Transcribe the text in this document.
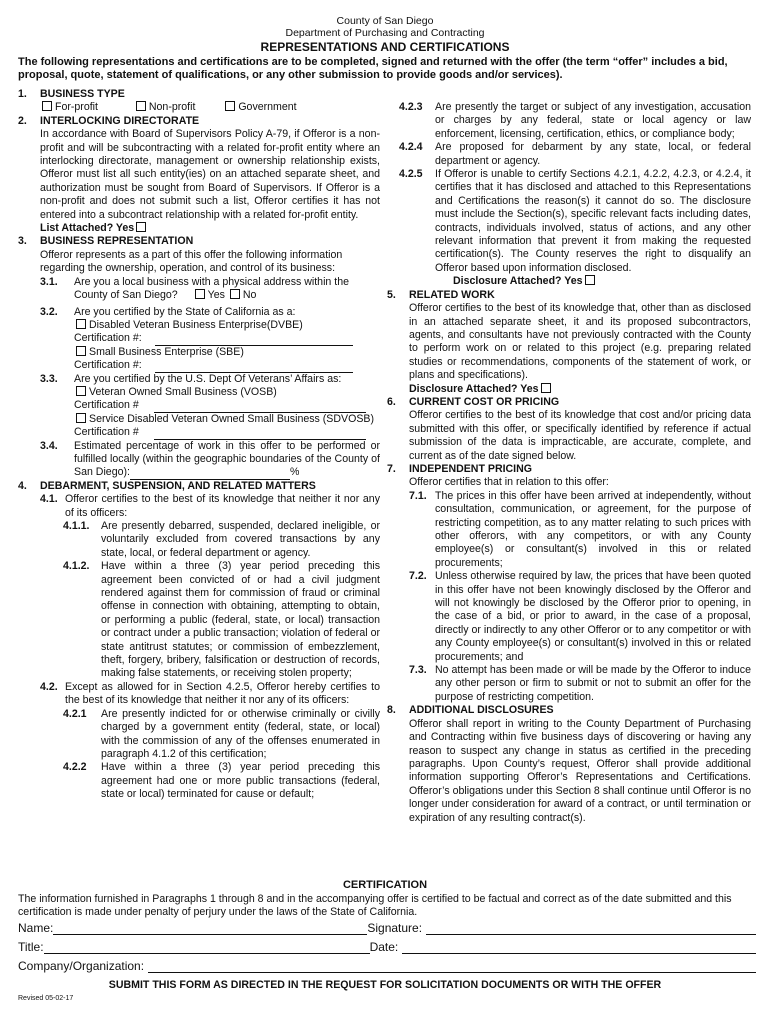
County of San Diego
Department of Purchasing and Contracting
REPRESENTATIONS AND CERTIFICATIONS
The following representations and certifications are to be completed, signed and returned with the offer (the term “offer” includes a bid, proposal, quote, statement of qualifications, or any other submission to provide goods and/or services).
1.	BUSINESS TYPE
For-profit	Non-profit	Government
2.	INTERLOCKING DIRECTORATE

In accordance with Board of Supervisors Policy A-79, if Offeror is a non-profit and will be subcontracting with a related for-profit entity where an interlocking directorate, management or ownership relationship exists, Offeror must list all such entity(ies) on an attached separate sheet, and authorization must be sought from Board of Supervisors. If Offeror is a non-profit and does not submit such a list, Offeror certifies it has not entered into a subcontract relationship with a related for-profit entity.

List Attached? Yes
3.	BUSINESS REPRESENTATION

Offeror represents as a part of this offer the following information regarding the ownership, operation, and control of its business:

3.1.	Are you a local business with a physical address within the County of San Diego?	Yes No
3.2.	Are you certified by the State of California as a:
Disabled Veteran Business Enterprise(DVBE)
Certification #:
Small Business Enterprise (SBE)
Certification #:
3.3.	Are you certified by the U.S. Dept Of Veterans’ Affairs as:
Veteran Owned Small Business (VOSB)
Certification #
Service Disabled Veteran Owned Small Business (SDVOSB)
Certification #
3.4.	Estimated percentage of work in this offer to be performed or fulfilled locally (within the geographic boundaries of the County of San Diego):	%
4.	DEBARMENT, SUSPENSION, AND RELATED MATTERS
4.1. Offeror certifies to the best of its knowledge that neither it nor any of its officers:
4.1.1.	Are presently debarred, suspended, declared ineligible, or voluntarily excluded from covered transactions by any state, local, or federal department or agency.
4.1.2.	Have within a three (3) year period preceding this agreement been convicted of or had a civil judgment rendered against them for commission of fraud or criminal offense in connection with obtaining, attempting to obtain, or performing a public (federal, state, or local) transaction or contract under a public transaction; violation of federal or state antitrust statutes; or commission of embezzlement, theft, forgery, bribery, falsification or destruction of records, making false statements, or receiving stolen property;
4.2. Except as allowed for in Section 4.2.5, Offeror hereby certifies to the best of its knowledge that neither it nor any of its officers:
4.2.1	Are presently indicted for or otherwise criminally or civilly charged by a government entity (federal, state, or local) with the commission of any of the offenses enumerated in paragraph 4.1.2 of this certification;
4.2.2	Have within a three (3) year period preceding this agreement had one or more public transactions (federal, state or local) terminated for cause or default;
4.2.3	Are presently the target or subject of any investigation, accusation or charges by any federal, state or local agency or law enforcement, licensing, certification, ethics, or compliance body;
4.2.4	Are proposed for debarment by any state, local, or federal department or agency.
4.2.5	If Offeror is unable to certify Sections 4.2.1, 4.2.2, 4.2.3, or 4.2.4, it certifies that it has disclosed and attached to this Representations and Certifications the reason(s) it cannot do so. The disclosure must include the Section(s), specific relevant facts including dates, contracts, individuals involved, status of actions, and any other relevant information that prevent it from making the requested certification(s). The County reserves the right to disqualify an Offeror based upon information disclosed.
Disclosure Attached? Yes
5.	RELATED WORK

Offeror certifies to the best of its knowledge that, other than as disclosed in an attached separate sheet, it and its proposed subcontractors, agents, and consultants have not previously contracted with the County to perform work on or related to this project (e.g. preparing related studies or recommendations, components of the statement of work, or plans and specifications).

Disclosure Attached? Yes
6.	CURRENT COST OR PRICING

Offeror certifies to the best of its knowledge that cost and/or pricing data submitted with this offer, or specifically identified by reference if actual submission of the data is impracticable, are accurate, complete, and current as of the date signed below.

7.	INDEPENDENT PRICING

Offeror certifies that in relation to this offer:

7.1. The prices in this offer have been arrived at independently, without consultation, communication, or agreement, for the purpose of restricting competition, as to any matter relating to such prices with other offerors, with any competitors, or with any County employee(s) or consultant(s) involved in this or related procurements;
7.2. Unless otherwise required by law, the prices that have been quoted in this offer have not been knowingly disclosed by the Offeror and will not knowingly be disclosed by the Offeror prior to opening, in the case of a bid, or prior to award, in the case of a proposal, directly or indirectly to any other Offeror or to any competitor or with any County employee(s) or consultant(s) involved in this or related procurements; and
7.3. No attempt has been made or will be made by the Offeror to induce any other person or firm to submit or not to submit an offer for the purpose of restricting competition.
8.	ADDITIONAL DISCLOSURES

Offeror shall report in writing to the County Department of Purchasing and Contracting within five business days of discovering or having any reason to suspect any change in status as certified in the preceding paragraphs. Upon County’s request, Offeror shall provide additional information supporting Offeror’s Representations and Certifications. Offeror’s obligations under this Section 8 shall continue until Offeror is no longer under consideration for award of a contract, or until termination or expiration of any resulting contract(s).

CERTIFICATION
The information furnished in Paragraphs 1 through 8 and in the accompanying offer is certified to be factual and correct as of the date submitted and this certification is made under penalty of perjury under the laws of the State of California.
Name:	Signature:
Title:	Date:
Company/Organization:
SUBMIT THIS FORM AS DIRECTED IN THE REQUEST FOR SOLICITATION DOCUMENTS OR WITH THE OFFER
Revised 05-02-17
